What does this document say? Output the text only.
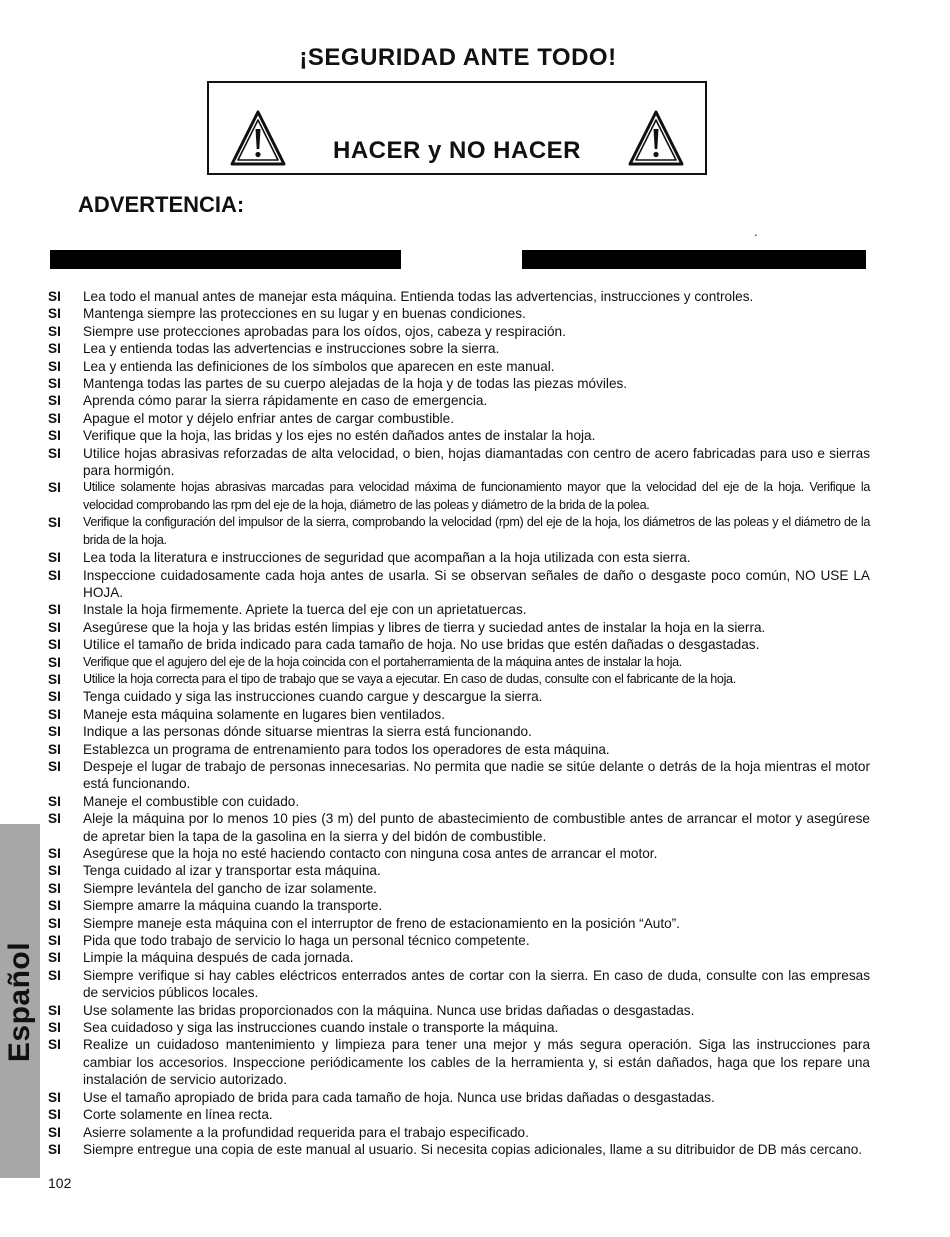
¡SEGURIDAD ANTE TODO!
HACER y NO HACER
ADVERTENCIA:
.
SI	Lea todo el manual antes de manejar esta máquina. Entienda todas las advertencias, instrucciones y controles.
SI	Mantenga siempre las protecciones en su lugar y en buenas condiciones.
SI	Siempre use protecciones aprobadas para los oídos, ojos, cabeza y respiración.
SI	Lea y entienda todas las advertencias e instrucciones sobre la sierra.
SI	Lea y entienda las definiciones de los símbolos que aparecen en este manual.
SI	Mantenga todas las partes de su cuerpo alejadas de la hoja y de todas las piezas móviles.
SI	Aprenda cómo parar la sierra rápidamente en caso de emergencia.
SI	Apague el motor y déjelo enfriar antes de cargar combustible.
SI	Verifique que la hoja, las bridas y los ejes no estén dañados antes de instalar la hoja.
SI	Utilice hojas abrasivas reforzadas de alta velocidad, o bien, hojas diamantadas con centro de acero fabricadas para uso e sierras para hormigón.
SI	Utilice solamente hojas abrasivas marcadas para velocidad máxima de funcionamiento mayor que la velocidad del eje de la hoja. Verifique la velocidad comprobando las rpm del eje de la hoja, diámetro de las poleas y diámetro de la brida de la polea.
SI	Verifique la configuración del impulsor de la sierra, comprobando la velocidad (rpm) del eje de la hoja, los diámetros de las poleas y el diámetro de la brida de la hoja.
SI	Lea toda la literatura e instrucciones de seguridad que acompañan a la hoja utilizada con esta sierra.
SI	Inspeccione cuidadosamente cada hoja antes de usarla. Si se observan señales de daño o desgaste poco común, NO USE LA HOJA.
SI	Instale la hoja firmemente. Apriete la tuerca del eje con un aprietatuercas.
SI	Asegúrese que la hoja y las bridas estén limpias y libres de tierra y suciedad antes de instalar la hoja en la sierra.
SI	Utilice el tamaño de brida indicado para cada tamaño de hoja. No use bridas que estén dañadas o desgastadas.
SI	Verifique que el agujero del eje de la hoja coincida con el portaherramienta de la máquina antes de instalar la hoja.
SI	Utilice la hoja correcta para el tipo de trabajo que se vaya a ejecutar. En caso de dudas, consulte con el fabricante de la hoja.
SI	Tenga cuidado y siga las instrucciones cuando cargue y descargue la sierra.
SI	Maneje esta máquina solamente en lugares bien ventilados.
SI	Indique a las personas dónde situarse mientras la sierra está funcionando.
SI	Establezca un programa de entrenamiento para todos los operadores de esta máquina.
SI	Despeje el lugar de trabajo de personas innecesarias. No permita que nadie se sitúe delante o detrás de la hoja mientras el motor está funcionando.
SI	Maneje el combustible con cuidado.
SI	Aleje la máquina por lo menos 10 pies (3 m) del punto de abastecimiento de combustible antes de arrancar el motor y asegúrese de apretar bien la tapa de la gasolina en la sierra y del bidón de combustible.
SI	Asegúrese que la hoja no esté haciendo contacto con ninguna cosa antes de arrancar el motor.
SI	Tenga cuidado al izar y transportar esta máquina.
SI	Siempre levántela del gancho de izar solamente.
SI	Siempre amarre la máquina cuando la transporte.
SI	Siempre maneje esta máquina con el interruptor de freno de estacionamiento en la posición “Auto”.
SI	Pida que todo trabajo de servicio lo haga un personal técnico competente.
SI	Limpie la máquina después de cada jornada.
SI	Siempre verifique si hay cables eléctricos enterrados antes de cortar con la sierra. En caso de duda, consulte con las empresas de servicios públicos locales.
SI	Use solamente las bridas proporcionados con la máquina. Nunca use bridas dañadas o desgastadas.
SI	Sea cuidadoso y siga las instrucciones cuando instale o transporte la máquina.
SI	Realize un cuidadoso mantenimiento y limpieza para tener una mejor y más segura operación. Siga las instrucciones para cambiar los accesorios. Inspeccione periódicamente los cables de la herramienta y, si están dañados, haga que los repare una instalación de servicio autorizado.
SI	Use el tamaño apropiado de brida para cada tamaño de hoja. Nunca use bridas dañadas o desgastadas.
SI	Corte solamente en línea recta.
SI	Asierre solamente a la profundidad requerida para el trabajo especificado.
SI	Siempre entregue una copia de este manual al usuario. Si necesita copias adicionales, llame a su ditribuidor de DB más cercano.
Español
102
